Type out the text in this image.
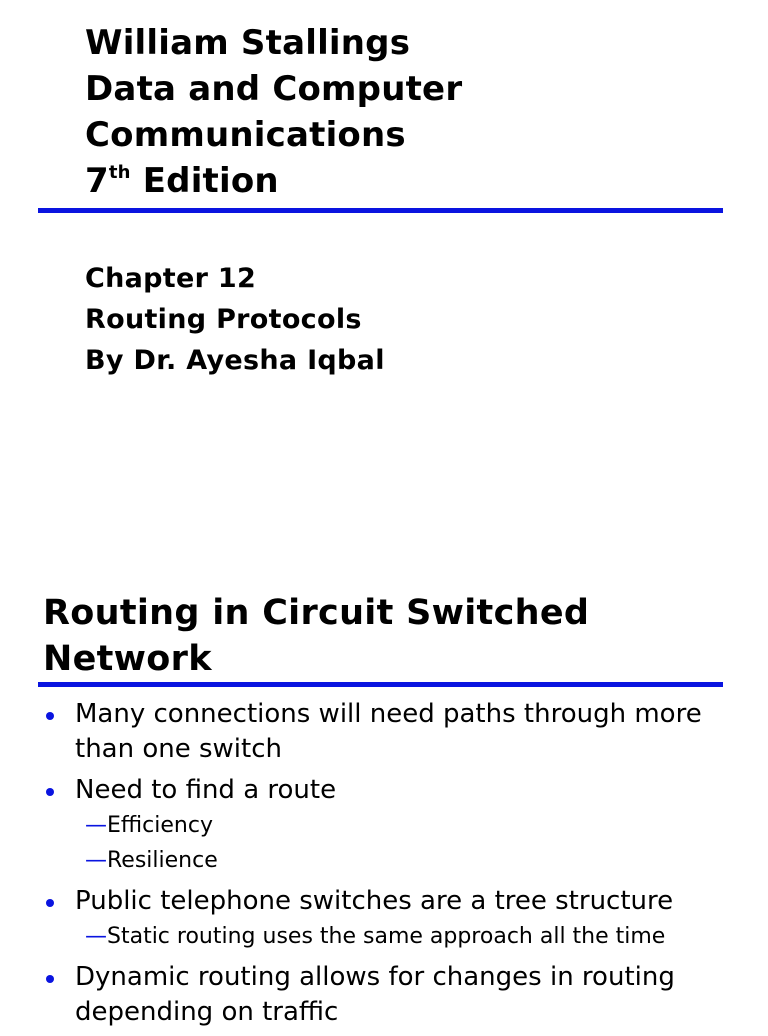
William Stallings
Data and Computer
Communications
7th Edition
Chapter 12
Routing Protocols
By Dr. Ayesha Iqbal
Routing in Circuit Switched Network
Many connections will need paths through more than one switch
Need to find a route
—Efficiency
—Resilience
Public telephone switches are a tree structure
—Static routing uses the same approach all the time
Dynamic routing allows for changes in routing depending on traffic
